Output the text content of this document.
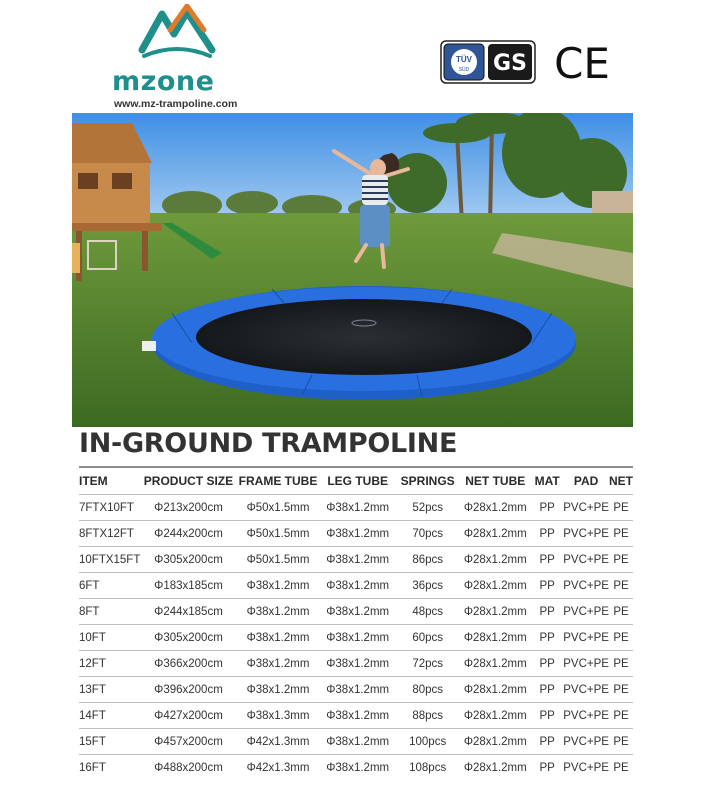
mzone
www.mz-trampoline.com
TÜV
SÜD GS CE
IN-GROUND TRAMPOLINE
ITEM	PRODUCT SIZE	FRAME TUBE	LEG TUBE	SPRINGS	NET TUBE	MAT	PAD	NET
7FTX10FT	Φ213x200cm	Φ50x1.5mm	Φ38x1.2mm	52pcs	Φ28x1.2mm	PP	PVC+PE	PE
8FTX12FT	Φ244x200cm	Φ50x1.5mm	Φ38x1.2mm	70pcs	Φ28x1.2mm	PP	PVC+PE	PE
10FTX15FT	Φ305x200cm	Φ50x1.5mm	Φ38x1.2mm	86pcs	Φ28x1.2mm	PP	PVC+PE	PE
6FT	Φ183x185cm	Φ38x1.2mm	Φ38x1.2mm	36pcs	Φ28x1.2mm	PP	PVC+PE	PE
8FT	Φ244x185cm	Φ38x1.2mm	Φ38x1.2mm	48pcs	Φ28x1.2mm	PP	PVC+PE	PE
10FT	Φ305x200cm	Φ38x1.2mm	Φ38x1.2mm	60pcs	Φ28x1.2mm	PP	PVC+PE	PE
12FT	Φ366x200cm	Φ38x1.2mm	Φ38x1.2mm	72pcs	Φ28x1.2mm	PP	PVC+PE	PE
13FT	Φ396x200cm	Φ38x1.2mm	Φ38x1.2mm	80pcs	Φ28x1.2mm	PP	PVC+PE	PE
14FT	Φ427x200cm	Φ38x1.3mm	Φ38x1.2mm	88pcs	Φ28x1.2mm	PP	PVC+PE	PE
15FT	Φ457x200cm	Φ42x1.3mm	Φ38x1.2mm	100pcs	Φ28x1.2mm	PP	PVC+PE	PE
16FT	Φ488x200cm	Φ42x1.3mm	Φ38x1.2mm	108pcs	Φ28x1.2mm	PP	PVC+PE	PE
